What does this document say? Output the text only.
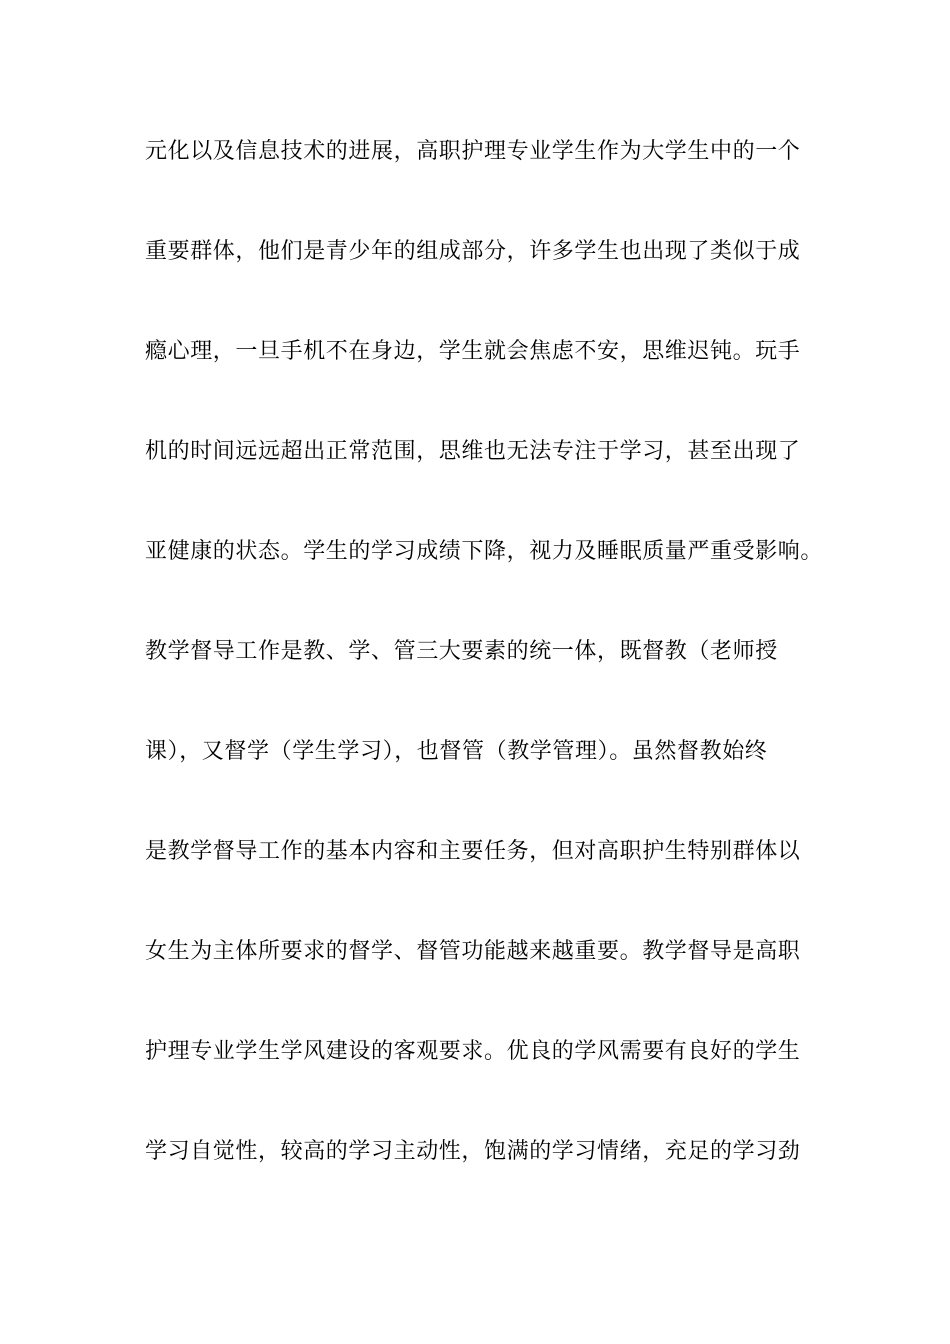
元化以及信息技术的进展，高职护理专业学生作为大学生中的一个
重要群体，他们是青少年的组成部分，许多学生也出现了类似于成
瘾心理，一旦手机不在身边，学生就会焦虑不安，思维迟钝。玩手
机的时间远远超出正常范围，思维也无法专注于学习，甚至出现了
亚健康的状态。学生的学习成绩下降，视力及睡眠质量严重受影响。
教学督导工作是教、学、管三大要素的统一体，既督教（老师授
课），又督学（学生学习），也督管（教学管理）。虽然督教始终
是教学督导工作的基本内容和主要任务，但对高职护生特别群体以
女生为主体所要求的督学、督管功能越来越重要。教学督导是高职
护理专业学生学风建设的客观要求。优良的学风需要有良好的学生
学习自觉性，较高的学习主动性，饱满的学习情绪，充足的学习劲
